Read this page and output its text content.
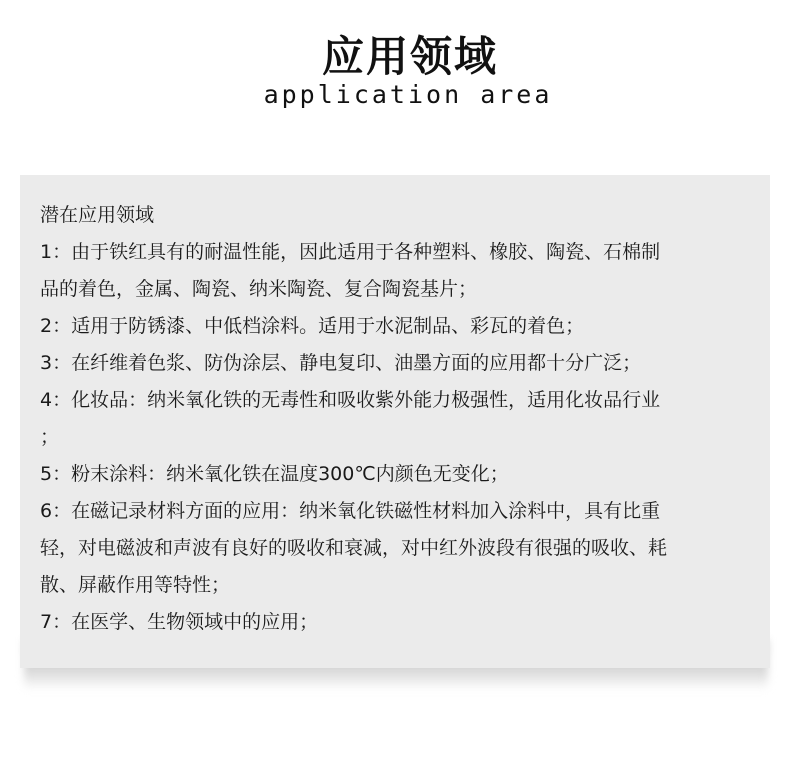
应用领域
application area
潜在应用领域
1：由于铁红具有的耐温性能，因此适用于各种塑料、橡胶、陶瓷、石棉制
品的着色，金属、陶瓷、纳米陶瓷、复合陶瓷基片；
2：适用于防锈漆、中低档涂料。适用于水泥制品、彩瓦的着色；
3：在纤维着色浆、防伪涂层、静电复印、油墨方面的应用都十分广泛；
4：化妆品：纳米氧化铁的无毒性和吸收紫外能力极强性，适用化妆品行业
；
5：粉末涂料：纳米氧化铁在温度300℃内颜色无变化；
6：在磁记录材料方面的应用：纳米氧化铁磁性材料加入涂料中，具有比重
轻，对电磁波和声波有良好的吸收和衰减，对中红外波段有很强的吸收、耗
散、屏蔽作用等特性；
7：在医学、生物领域中的应用；
